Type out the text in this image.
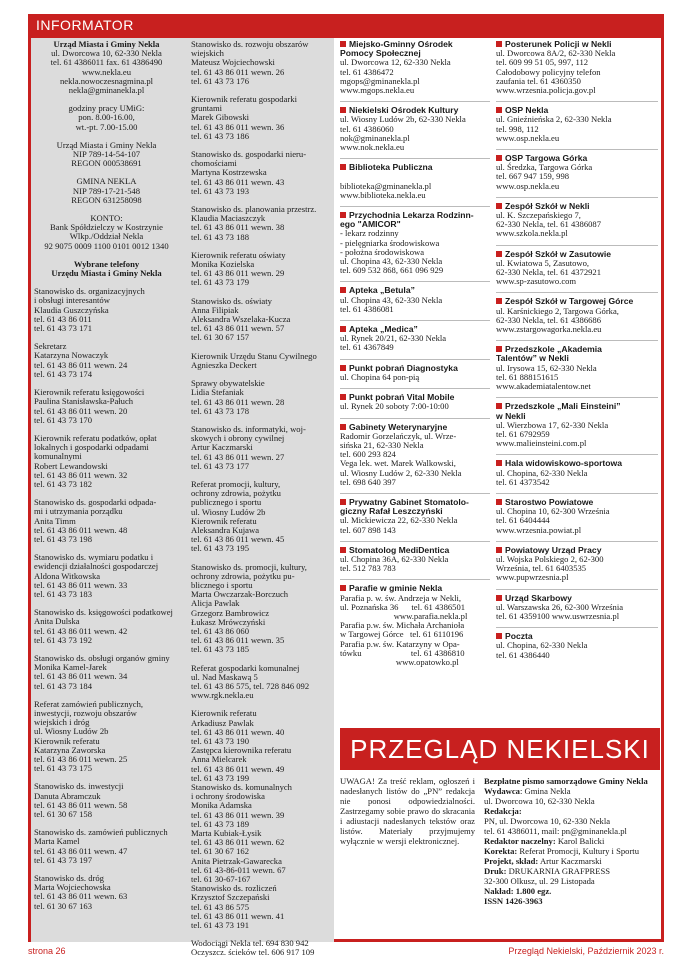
INFORMATOR
Urząd Miasta i Gminy Nekla
ul. Dworcowa 10, 62-330 Nekla
tel. 61 4386011 fax. 61 4386490
www.nekla.eu
nekla.nowoczesnagmina.pl
nekla@gminanekla.pl
godziny pracy UMiG:
pon. 8.00-16.00,
wt.-pt. 7.00-15.00
Urząd Miasta i Gminy Nekla
NIP 789-14-54-107
REGON 000538691
GMINA NEKLA
NIP 789-17-21-548
REGON 631258098
KONTO:
Bank Spółdzielczy w Kostrzynie
Wlkp./Oddział Nekla
92 9075 0009 1100 0101 0012 1340
Wybrane telefony
Urzędu Miasta i Gminy Nekla
Stanowisko ds. organizacyjnych
i obsługi interesantów
Klaudia Guszczyńska
tel. 61 43 86 011
tel. 61 43 73 171
Sekretarz
Katarzyna Nowaczyk
tel. 61 43 86 011 wewn. 24
tel. 61 43 73 174
Kierownik referatu księgowości
Paulina Stanisławska-Pałuch
tel. 61 43 86 011 wewn. 20
tel. 61 43 73 170
Kierownik referatu podatków, opłat
lokalnych i gospodarki odpadami
komunalnymi
Robert Lewandowski
tel. 61 43 86 011 wewn. 32
tel. 61 43 73 182
Stanowisko ds. gospodarki odpada-
mi i utrzymania porządku
Anita Timm
tel. 61 43 86 011 wewn. 48
tel. 61 43 73 198
Stanowisko ds. wymiaru podatku i
ewidencji działalności gospodarczej
Aldona Witkowska
tel. 61 43 86 011 wewn. 33
tel. 61 43 73 183
Stanowisko ds. księgowości podatkowej
Anita Dulska
tel. 61 43 86 011 wewn. 42
tel. 61 43 73 192
Stanowisko ds. obsługi organów gminy
Monika Kamel-Jarek
tel. 61 43 86 011 wewn. 34
tel. 61 43 73 184
Referat zamówień publicznych,
inwestycji, rozwoju obszarów
wiejskich i dróg
ul. Wiosny Ludów 2b
Kierownik referatu
Katarzyna Zaworska
tel. 61 43 86 011 wewn. 25
tel. 61 43 73 175
Stanowisko ds. inwestycji
Danuta Abramczuk
tel. 61 43 86 011 wewn. 58
tel. 61 30 67 158
Stanowisko ds. zamówień publicznych
Marta Kamel
tel. 61 43 86 011 wewn. 47
tel. 61 43 73 197
Stanowisko ds. dróg
Marta Wojciechowska
tel. 61 43 86 011 wewn. 63
tel. 61 30 67 163
Stanowisko ds. rozwoju obszarów
wiejskich
Mateusz Wojciechowski
tel. 61 43 86 011 wewn. 26
tel. 61 43 73 176
Kierownik referatu gospodarki
gruntami
Marek Gibowski
tel. 61 43 86 011 wewn. 36
tel. 61 43 73 186
Stanowisko ds. gospodarki nieru-
chomościami
Martyna Kostrzewska
tel. 61 43 86 011 wewn. 43
tel. 61 43 73 193
Stanowisko ds. planowania przestrz.
Klaudia Maciaszczyk
tel. 61 43 86 011 wewn. 38
tel. 61 43 73 188
Kierownik referatu oświaty
Monika Kozielska
tel. 61 43 86 011 wewn. 29
tel. 61 43 73 179
Stanowisko ds. oświaty
Anna Filipiak
Aleksandra Wszelaka-Kucza
tel. 61 43 86 011 wewn. 57
tel. 61 30 67 157
Kierownik Urzędu Stanu Cywilnego
Agnieszka Deckert
Sprawy obywatelskie
Lidia Stefaniak
tel. 61 43 86 011 wewn. 28
tel. 61 43 73 178
Stanowisko ds. informatyki, woj-
skowych i obrony cywilnej
Artur Kaczmarski
tel. 61 43 86 011 wewn. 27
tel. 61 43 73 177
Referat promocji, kultury,
ochrony zdrowia, pożytku
publicznego i sportu
ul. Wiosny Ludów 2b
Kierownik referatu
Aleksandra Kujawa
tel. 61 43 86 011 wewn. 45
tel. 61 43 73 195
Stanowisko ds. promocji, kultury,
ochrony zdrowia, pożytku pu-
blicznego i sportu
Marta Owczarzak-Borczuch
Alicja Pawlak
Grzegorz Bambrowicz
Łukasz Mrówczyński
tel. 61 43 86 060
tel. 61 43 86 011 wewn. 35
tel. 61 43 73 185
Referat gospodarki komunalnej
ul. Nad Maskawą 5
tel. 61 43 86 575, tel. 728 846 092
www.rgk.nekla.eu
Kierownik referatu
Arkadiusz Pawlak
tel. 61 43 86 011 wewn. 40
tel. 61 43 73 190
Zastępca kierownika referatu
Anna Mielcarek
tel. 61 43 86 011 wewn. 49
tel. 61 43 73 199
Stanowisko ds. komunalnych
i ochrony środowiska
Monika Adamska
tel. 61 43 86 011 wewn. 39
tel. 61 43 73 189
Marta Kubiak-Łysik
tel. 61 43 86 011 wewn. 62
tel. 61 30 67 162
Anita Pietrzak-Gawarecka
tel. 61 43-86-011 wewn. 67
tel. 61 30-67-167
Stanowisko ds. rozliczeń
Krzysztof Szczepański
tel. 61 43 86 575
tel. 61 43 86 011 wewn. 41
tel. 61 43 73 191
Wodociągi Nekla tel. 694 830 942
Oczyszcz. ścieków tel. 606 917 109
Miejsko-Gminny Ośrodek
Pomocy Społecznej
ul. Dworcowa 12, 62-330 Nekla
tel. 61 4386472
mgops@gminanekla.pl
www.mgops.nekla.eu
Niekielski Ośrodek Kultury
ul. Wiosny Ludów 2b, 62-330 Nekla
tel. 61 4386060
nok@gminanekla.pl
www.nok.nekla.eu
Biblioteka Publiczna

biblioteka@gminanekla.pl
www.biblioteka.nekla.eu
Przychodnia Lekarza Rodzinn-
ego "AMICOR"
- lekarz rodzinny
- pielęgniarka środowiskowa
- położna środowiskowa
ul. Chopina 43, 62-330 Nekla
tel. 609 532 868, 661 096 929
Apteka „Betula”
ul. Chopina 43, 62-330 Nekla
tel. 61 4386081
Apteka „Medica”
ul. Rynek 20/21, 62-330 Nekla
tel. 61 4367849
Punkt pobrań Diagnostyka
ul. Chopina 64 pon-pią
Punkt pobrań Vital Mobile
ul. Rynek 20 soboty 7:00-10:00
Gabinety Weterynaryjne
Radomir Gorzelańczyk, ul. Wrze-
sińska 21, 62-330 Nekla
tel. 600 293 824
Vega lek. wet. Marek Walkowski,
ul. Wiosny Ludów 2, 62-330 Nekla
tel. 698 640 397
Prywatny Gabinet Stomatolo-
giczny Rafał Leszczyński
ul. Mickiewicza 22, 62-330 Nekla
tel. 607 898 143
Stomatolog MediDentica
ul. Chopina 36A, 62-330 Nekla
tel. 512 783 783
Parafie w gminie Nekla
Parafia p. w. św. Andrzeja w Nekli,
ul. Poznańska 36      tel. 61 4386501
www.parafia.nekla.pl
Parafia p.w. św. Michała Archanioła
w Targowej Górce   tel. 61 6110196
Parafia p.w. św. Katarzyny w Opa-
tówku                       tel. 61 4386810
www.opatowko.pl
Posterunek Policji w Nekli
ul. Dworcowa 8A/2, 62-330 Nekla
tel. 609 99 51 05, 997, 112
Całodobowy policyjny telefon
zaufania tel. 61 4360350
www.wrzesnia.policja.gov.pl
OSP Nekla
ul. Gnieźnieńska 2, 62-330 Nekla
tel. 998, 112
www.osp.nekla.eu
OSP Targowa Górka
ul. Średzka, Targowa Górka
tel. 667 947 159, 998
www.osp.nekla.eu
Zespół Szkół w Nekli
ul. K. Szczepańskiego 7,
62-330 Nekla, tel. 61 4386087
www.szkola.nekla.pl
Zespół Szkół w Zasutowie
ul. Kwiatowa 5, Zasutowo,
62-330 Nekla, tel. 61 4372921
www.sp-zasutowo.com
Zespół Szkół w Targowej Górce
ul. Karśnickiego 2, Targowa Górka,
62-330 Nekla, tel. 61 4386686
www.zstargowagorka.nekla.eu
Przedszkole „Akademia
Talentów” w Nekli
ul. Irysowa 15, 62-330 Nekla
tel. 61 888151615
www.akademiatalentow.net
Przedszkole „Mali Einsteini”
w Nekli
ul. Wierzbowa 17, 62-330 Nekla
tel. 61 6792959
www.malieinsteini.com.pl
Hala widowiskowo-sportowa
ul. Chopina, 62-330 Nekla
tel. 61 4373542
Starostwo Powiatowe
ul. Chopina 10, 62-300 Września
tel. 61 6404444
www.wrzesnia.powiat.pl
Powiatowy Urząd Pracy
ul. Wojska Polskiego 2, 62-300
Września, tel. 61 6403535
www.pupwrzesnia.pl
Urząd Skarbowy
ul. Warszawska 26, 62-300 Września
tel. 61 4359100 www.uswrzesnia.pl
Poczta
ul. Chopina, 62-330 Nekla
tel. 61 4386440
PRZEGLĄD NEKIELSKI
UWAGA! Za treść reklam, ogłoszeń i nadesłanych listów do „PN” redakcja nie ponosi odpowiedzialności. Zastrzegamy sobie prawo do skracania i adiustacji nadesłanych tekstów oraz listów. Materiały przyjmujemy wyłącznie w wersji elektronicznej.
Bezpłatne pismo samorządowe Gminy Nekla
Wydawca: Gmina Nekla
ul. Dworcowa 10, 62-330 Nekla
Redakcja:
PN, ul. Dworcowa 10, 62-330 Nekla
tel. 61 4386011, mail: pn@gminanekla.pl
Redaktor naczelny: Karol Balicki
Korekta: Referat Promocji, Kultury i Sportu
Projekt, skład: Artur Kaczmarski
Druk: DRUKARNIA GRAFPRESS
32-300 Olkusz, ul. 29 Listopada
Nakład: 1.800 egz.
ISSN 1426-3963
strona 26	Przegląd Nekielski, Październik 2023 r.
